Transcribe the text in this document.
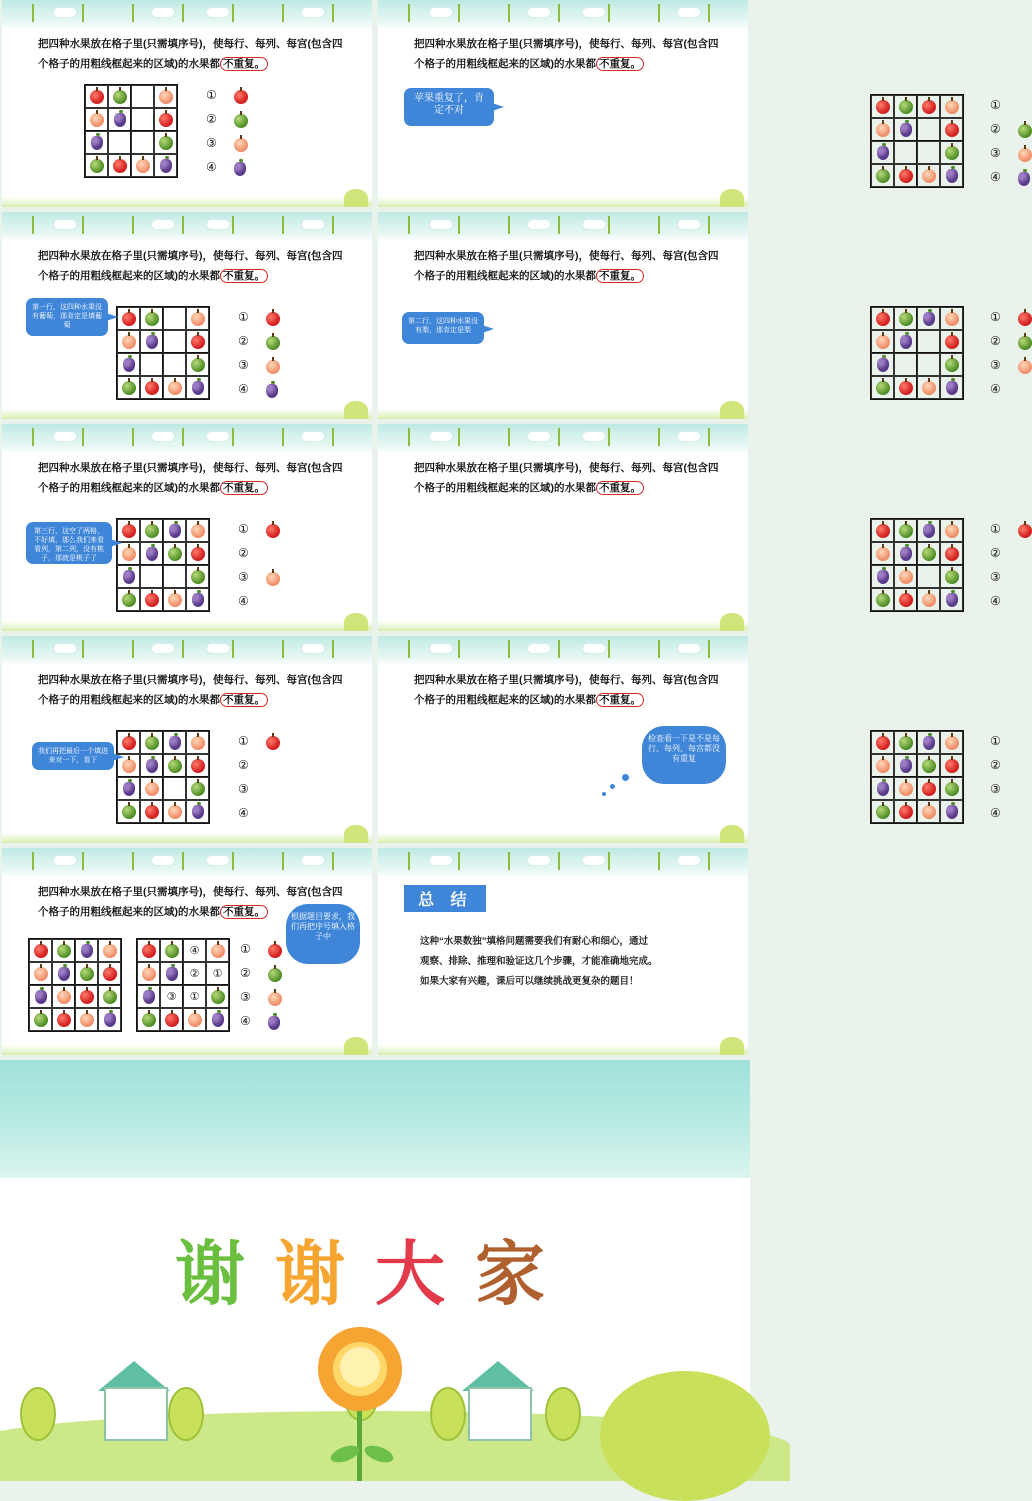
把四种水果放在格子里(只需填序号)，使每行、每列、每宫(包含四
个格子的用粗线框起来的区域)的水果都 不重复。
①
②
③
④
把四种水果放在格子里(只需填序号)，使每行、每列、每宫(包含四
个格子的用粗线框起来的区域)的水果都 不重复。
①
②
③
④
苹果重复了，肯定不对
把四种水果放在格子里(只需填序号)，使每行、每列、每宫(包含四
个格子的用粗线框起来的区域)的水果都 不重复。
①
②
③
④
第一行，这四种水果没有葡萄，那肯定是填葡萄
把四种水果放在格子里(只需填序号)，使每行、每列、每宫(包含四
个格子的用粗线框起来的区域)的水果都 不重复。
①
②
③
④
第二行，这四种水果没有梨，那肯定是梨
把四种水果放在格子里(只需填序号)，使每行、每列、每宫(包含四
个格子的用粗线框起来的区域)的水果都 不重复。
①
②
③
④
第三行，这空了两格，不好填，那么我们来看看列，第二列，没有桃子，那就是桃子了
把四种水果放在格子里(只需填序号)，使每行、每列、每宫(包含四
个格子的用粗线框起来的区域)的水果都 不重复。
①
②
③
④
把四种水果放在格子里(只需填序号)，使每行、每列、每宫(包含四
个格子的用粗线框起来的区域)的水果都 不重复。
①
②
③
④
我们再把最后一个填进来对一下，看下
把四种水果放在格子里(只需填序号)，使每行、每列、每宫(包含四
个格子的用粗线框起来的区域)的水果都 不重复。
①
②
③
④
检查看一下是不是每行、每列、每宫都没有重复
把四种水果放在格子里(只需填序号)，使每行、每列、每宫(包含四
个格子的用粗线框起来的区域)的水果都 不重复。
④
②	①
③	①
①
②
③
④
根据题目要求，我们再把序号填入格子中
总 结
这种“水果数独”填格问题需要我们有耐心和细心，通过
观察、排除、推理和验证这几个步骤，才能准确地完成。
如果大家有兴趣，课后可以继续挑战更复杂的题目！
谢谢大家
